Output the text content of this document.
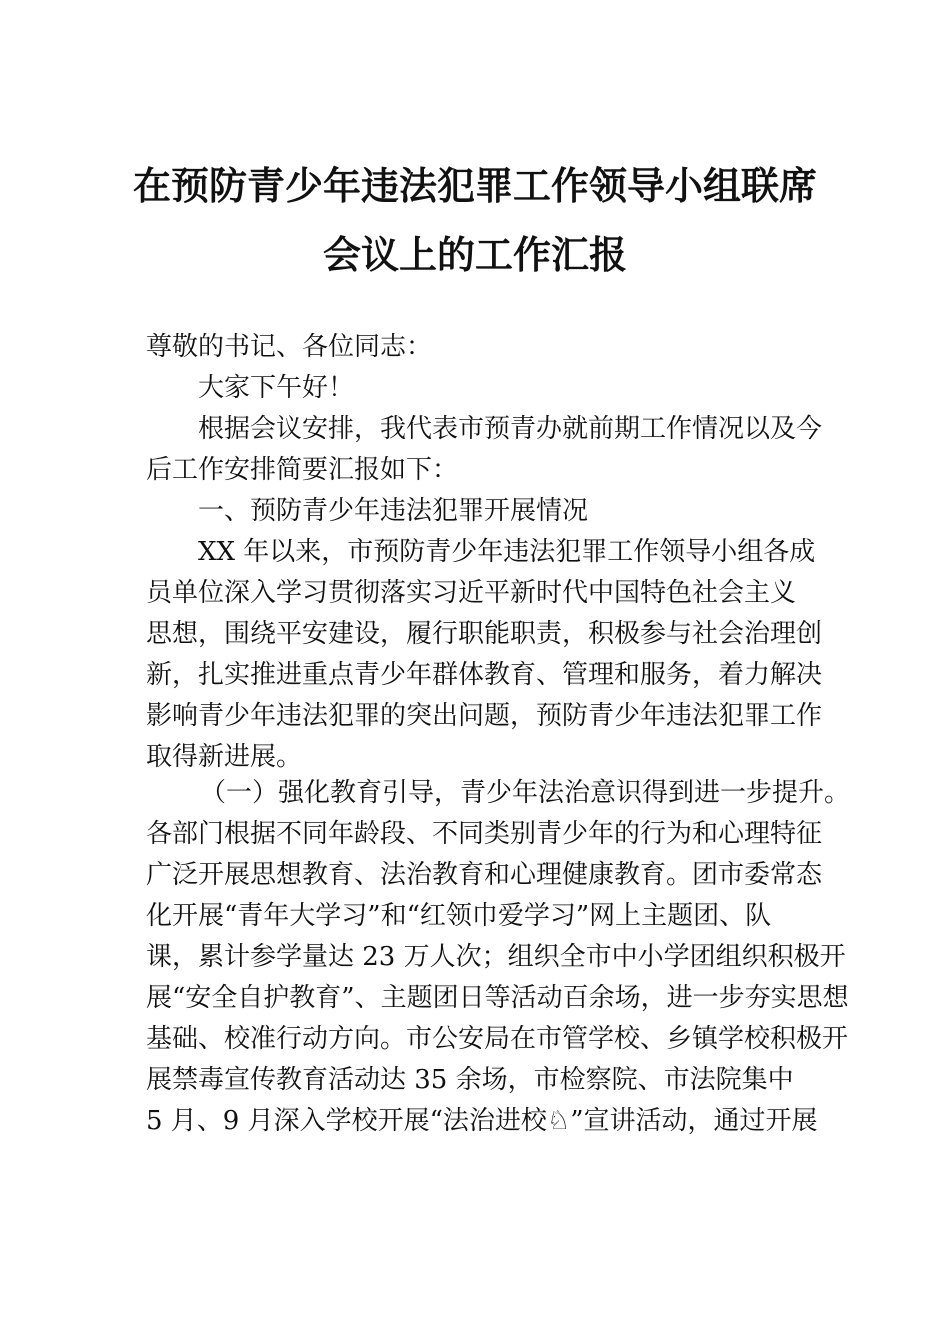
在预防青少年违法犯罪工作领导小组联席
会议上的工作汇报
尊敬的书记、各位同志：
大家下午好！
根据会议安排，我代表市预青办就前期工作情况以及今
后工作安排简要汇报如下：
一、预防青少年违法犯罪开展情况
XX 年以来，市预防青少年违法犯罪工作领导小组各成
员单位深入学习贯彻落实习近平新时代中国特色社会主义
思想，围绕平安建设，履行职能职责，积极参与社会治理创
新，扎实推进重点青少年群体教育、管理和服务，着力解决
影响青少年违法犯罪的突出问题，预防青少年违法犯罪工作
取得新进展。
（一）强化教育引导，青少年法治意识得到进一步提升。
各部门根据不同年龄段、不同类别青少年的行为和心理特征
广泛开展思想教育、法治教育和心理健康教育。团市委常态
化开展“青年大学习”和“红领巾爱学习”网上主题团、队
课，累计参学量达 23 万人次；组织全市中小学团组织积极开
展“安全自护教育”、主题团日等活动百余场，进一步夯实思想
基础、校准行动方向。市公安局在市管学校、乡镇学校积极开
展禁毒宣传教育活动达 35 余场，市检察院、市法院集中
5 月、9 月深入学校开展“法治进校♘”宣讲活动，通过开展
